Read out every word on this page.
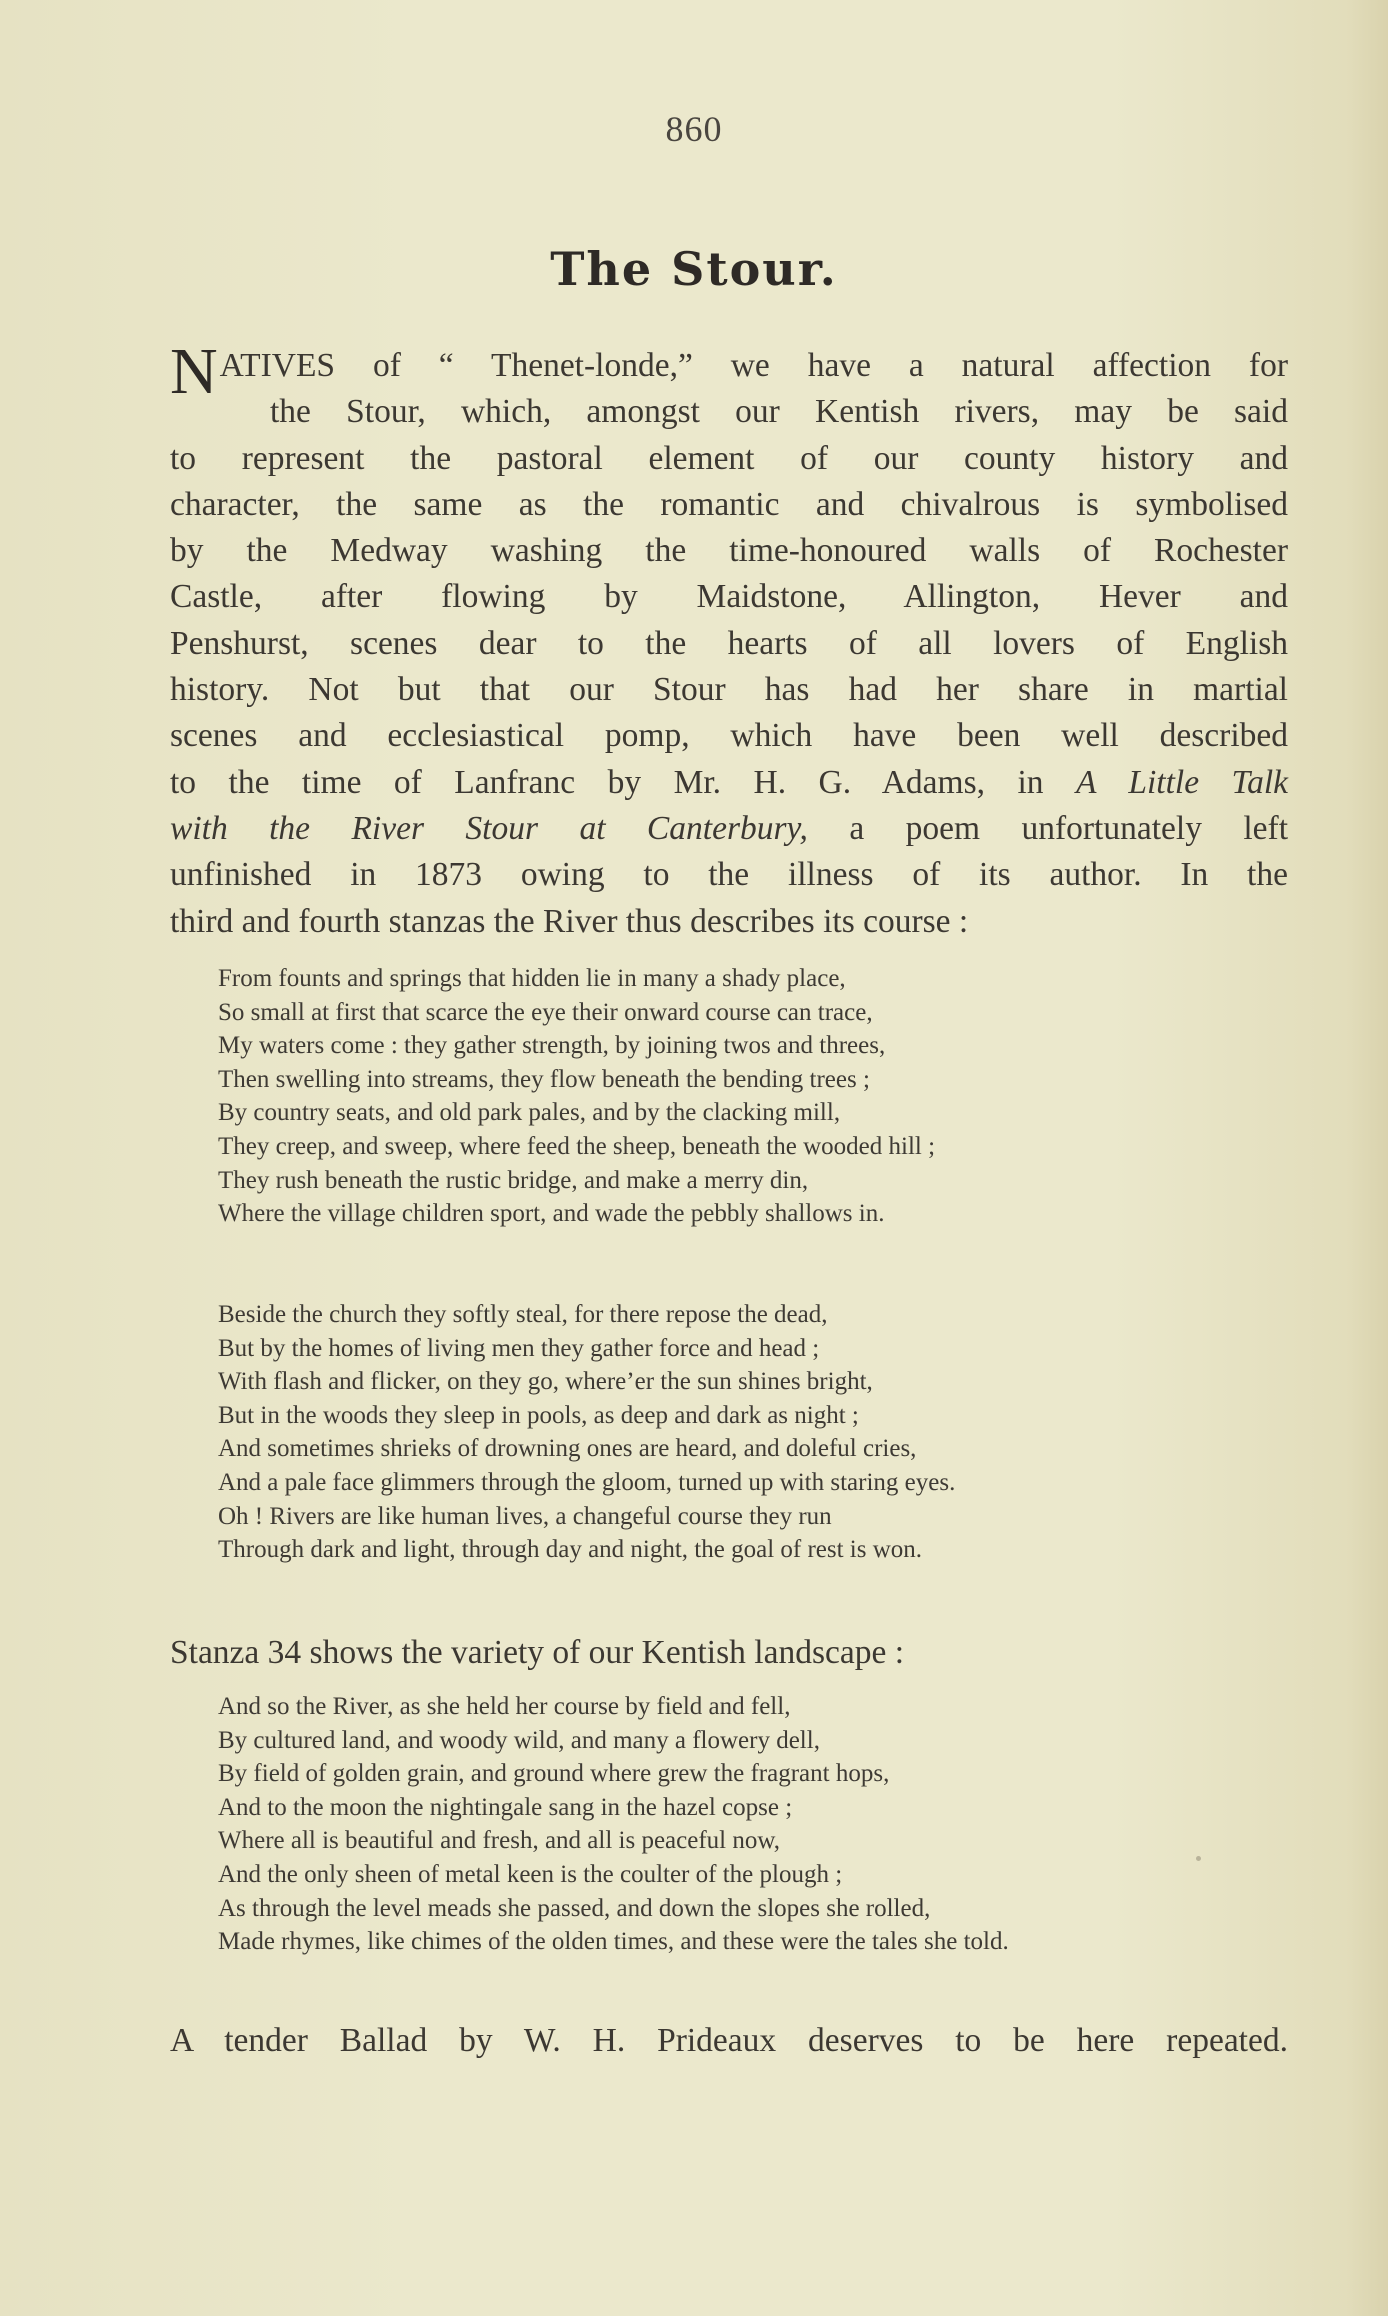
860
The Stour.
NATIVES of “ Thenet-londe,” we have a natural affection for
the Stour, which, amongst our Kentish rivers, may be said
to represent the pastoral element of our county history and
character, the same as the romantic and chivalrous is symbolised
by the Medway washing the time-honoured walls of Rochester
Castle, after flowing by Maidstone, Allington, Hever and
Penshurst, scenes dear to the hearts of all lovers of English
history. Not but that our Stour has had her share in martial
scenes and ecclesiastical pomp, which have been well described
to the time of Lanfranc by Mr. H. G. Adams, in A Little Talk
with the River Stour at Canterbury, a poem unfortunately left
unfinished in 1873 owing to the illness of its author. In the
third and fourth stanzas the River thus describes its course :
From founts and springs that hidden lie in many a shady place,
So small at first that scarce the eye their onward course can trace,
My waters come : they gather strength, by joining twos and threes,
Then swelling into streams, they flow beneath the bending trees ;
By country seats, and old park pales, and by the clacking mill,
They creep, and sweep, where feed the sheep, beneath the wooded hill ;
They rush beneath the rustic bridge, and make a merry din,
Where the village children sport, and wade the pebbly shallows in.
Beside the church they softly steal, for there repose the dead,
But by the homes of living men they gather force and head ;
With flash and flicker, on they go, where’er the sun shines bright,
But in the woods they sleep in pools, as deep and dark as night ;
And sometimes shrieks of drowning ones are heard, and doleful cries,
And a pale face glimmers through the gloom, turned up with staring eyes.
Oh ! Rivers are like human lives, a changeful course they run
Through dark and light, through day and night, the goal of rest is won.
Stanza 34 shows the variety of our Kentish landscape :
And so the River, as she held her course by field and fell,
By cultured land, and woody wild, and many a flowery dell,
By field of golden grain, and ground where grew the fragrant hops,
And to the moon the nightingale sang in the hazel copse ;
Where all is beautiful and fresh, and all is peaceful now,
And the only sheen of metal keen is the coulter of the plough ;
As through the level meads she passed, and down the slopes she rolled,
Made rhymes, like chimes of the olden times, and these were the tales she told.
A tender Ballad by W. H. Prideaux deserves to be here repeated.
